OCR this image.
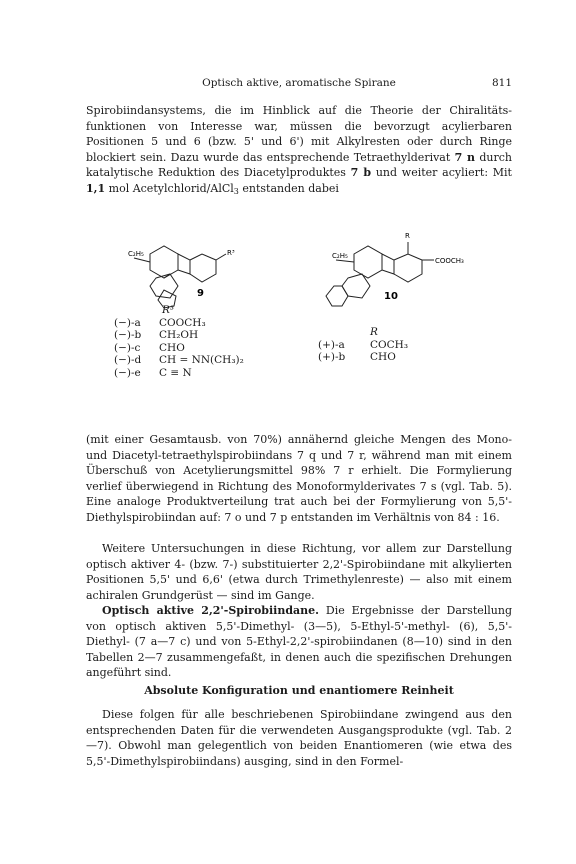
Optisch aktive, aromatische Spirane	811

Spirobiindansystems, die im Hinblick auf die Theorie der Chiralitäts- funktionen von Interesse war, müssen die bevorzugt acylierbaren Positionen 5 und 6 (bzw. 5' und 6') mit Alkylresten oder durch Ringe blockiert sein. Dazu wurde das entsprechende Tetraethylderivat 7 n durch katalytische Reduktion des Diacetylproduktes 7 b und weiter acyliert: Mit 1,1 mol Acetylchlorid/AlCl$_3$ entstanden dabei

C₂H₅	R³	C₂H₅
R
COOCH₃
9	10
R³
(−)-a	COOCH₃
(−)-b	CH₂OH
(−)-c	CHO
(−)-d	CH = NN(CH₃)₂
(−)-e	C ≡ N
R
(+)-a	COCH₃
(+)-b	CHO

(mit einer Gesamtausb. von 70%) annähernd gleiche Mengen des Mono- und Diacetyl-tetraethylspirobiindans 7 q und 7 r, während man mit einem Überschuß von Acetylierungsmittel 98% 7 r erhielt. Die Formylierung verlief überwiegend in Richtung des Monoformylderivates 7 s (vgl. Tab. 5). Eine analoge Produktverteilung trat auch bei der Formylierung von 5,5'-Diethylspirobiindan auf: 7 o und 7 p entstanden im Verhältnis von 84 : 16.

Weitere Untersuchungen in diese Richtung, vor allem zur Darstellung optisch aktiver 4- (bzw. 7-) substituierter 2,2'-Spirobiindane mit alkylierten Positionen 5,5' und 6,6' (etwa durch Trimethylenreste) — also mit einem achiralen Grundgerüst — sind im Gange.

Optisch aktive 2,2'-Spirobiindane. Die Ergebnisse der Darstellung von optisch aktiven 5,5'-Dimethyl- (3—5), 5-Ethyl-5'-methyl- (6), 5,5'-Diethyl- (7 a—7 c) und von 5-Ethyl-2,2'-spirobiindanen (8—10) sind in den Tabellen 2—7 zusammengefaßt, in denen auch die spezifischen Drehungen angeführt sind.

Absolute Konfiguration und enantiomere Reinheit

Diese folgen für alle beschriebenen Spirobiindane zwingend aus den entsprechenden Daten für die verwendeten Ausgangsprodukte (vgl. Tab. 2—7). Obwohl man gelegentlich von beiden Enantiomeren (wie etwa des 5,5'-Dimethylspirobiindans) ausging, sind in den Formel-
